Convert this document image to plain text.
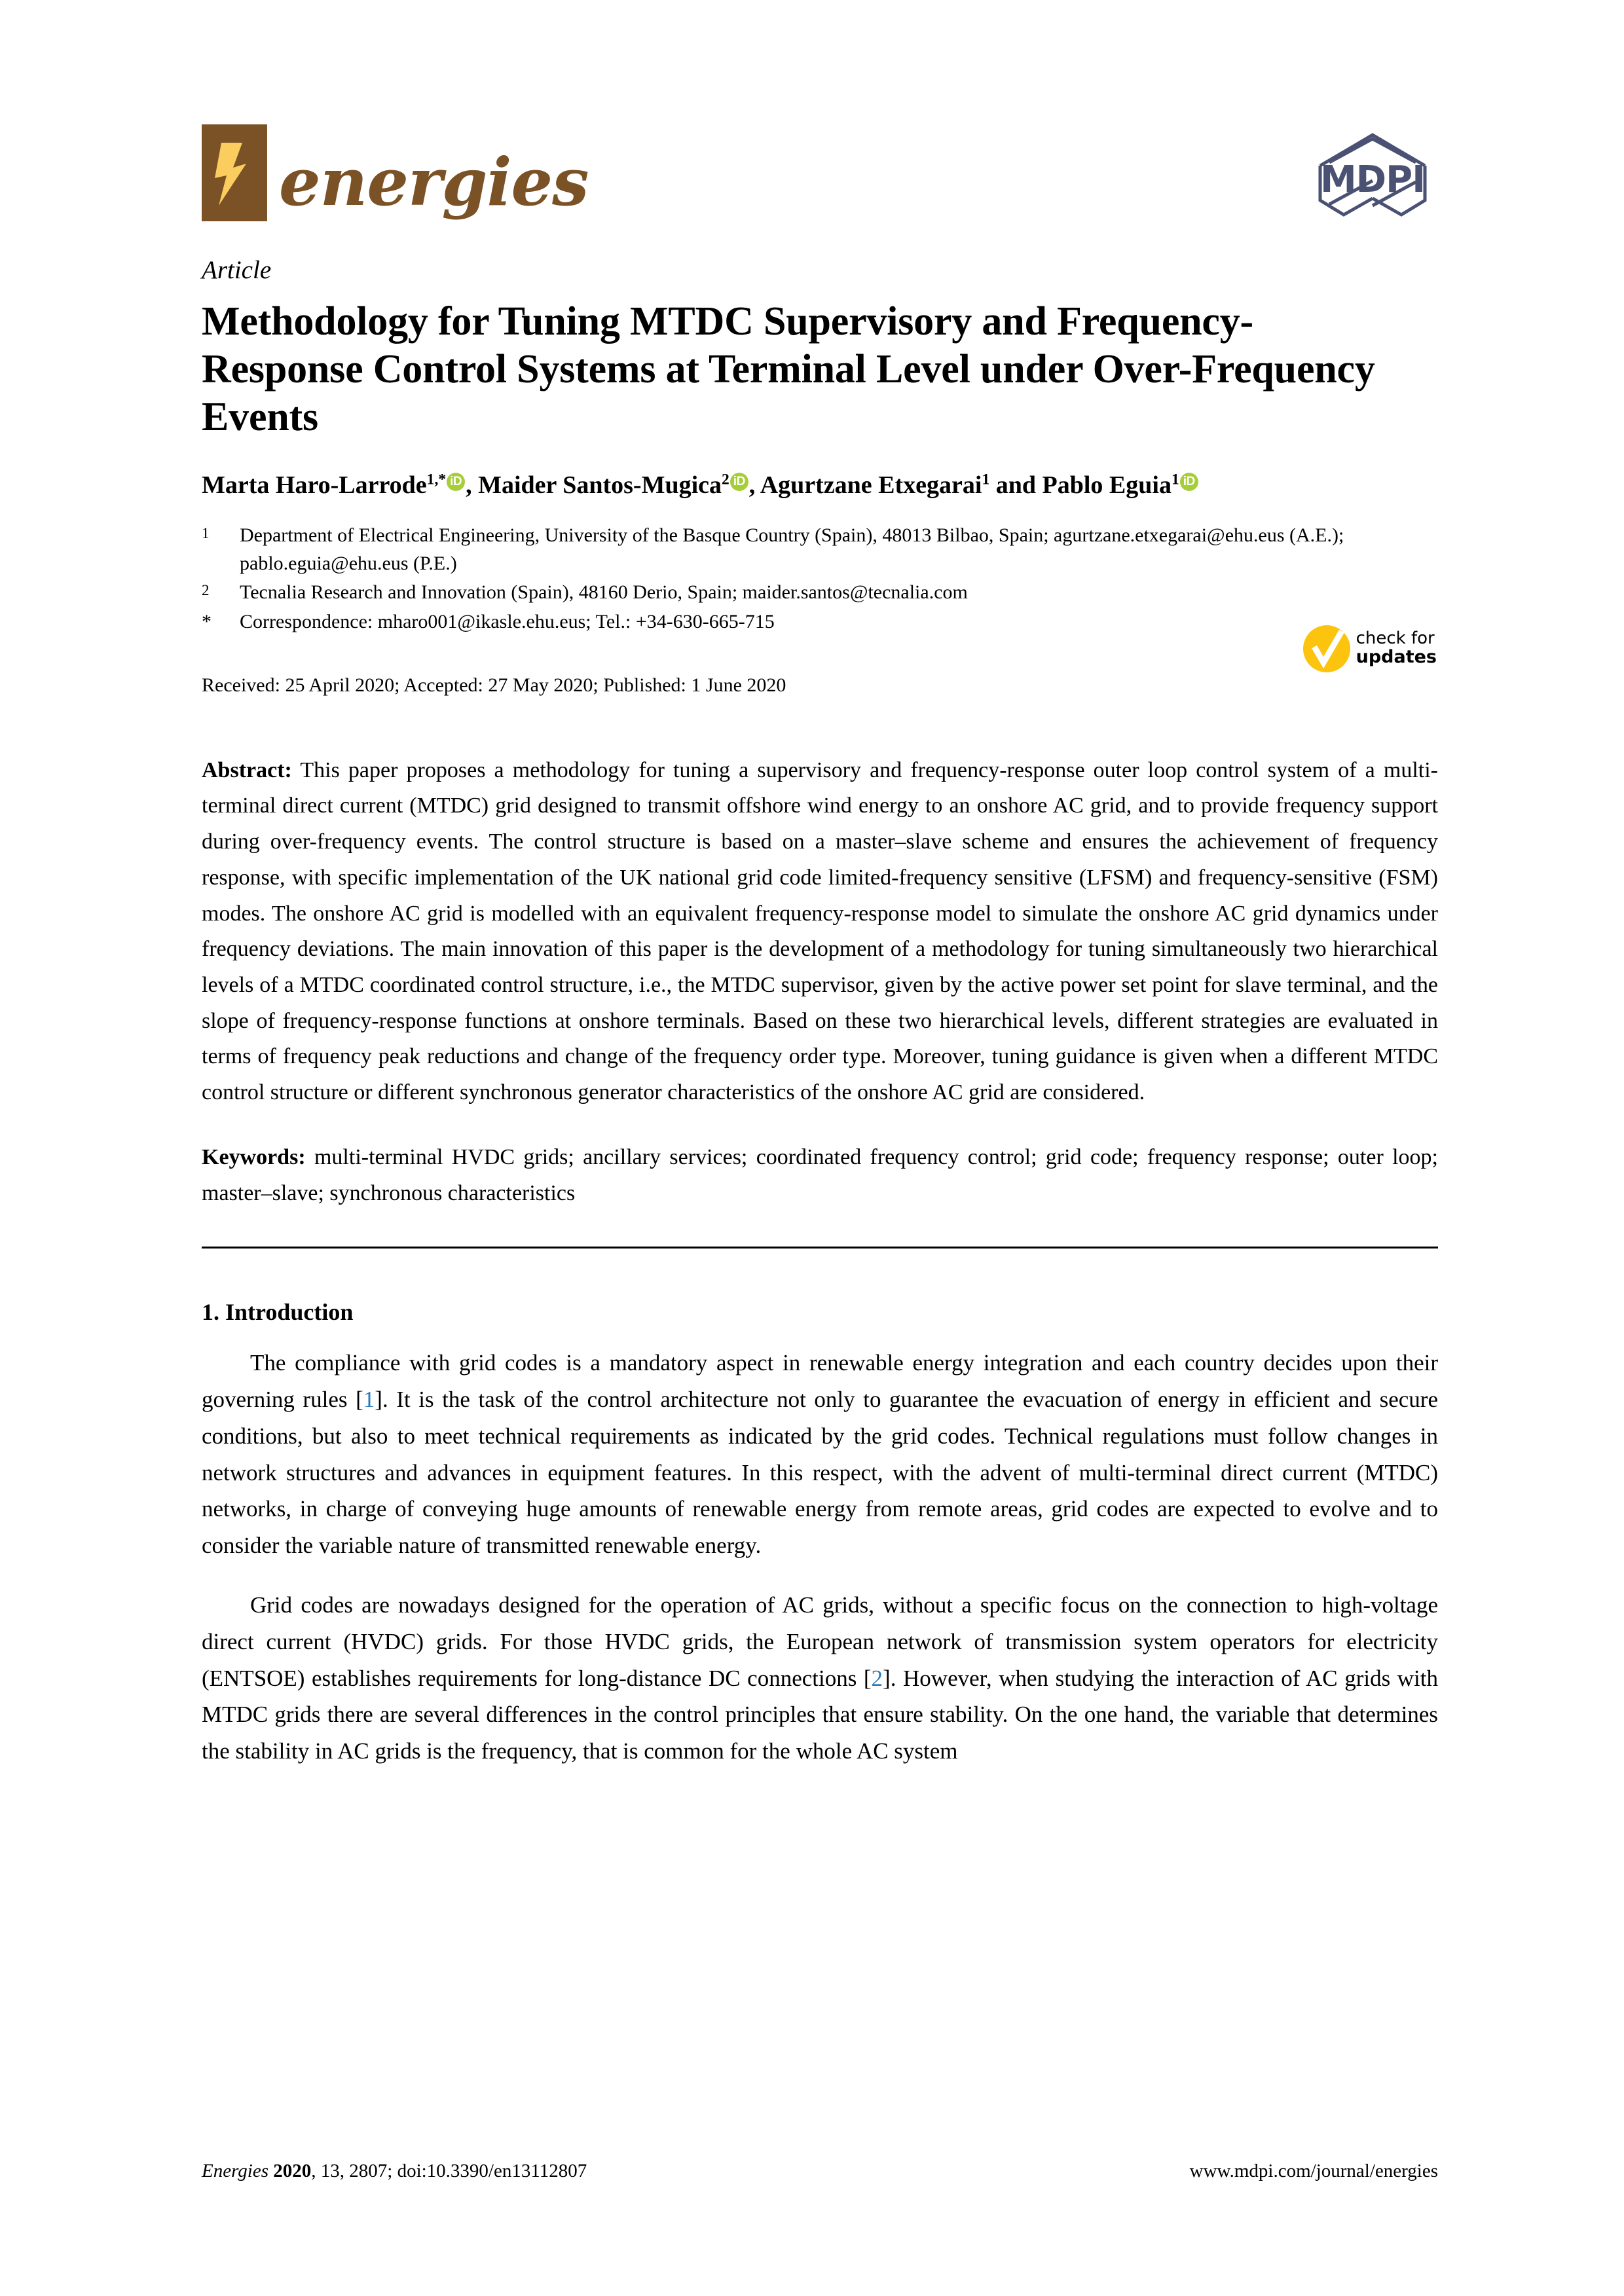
energies	MDPI
Article
Methodology for Tuning MTDC Supervisory and Frequency-Response Control Systems at Terminal Level under Over-Frequency Events
Marta Haro-Larrode$^{1,*}$ iD , Maider Santos-Mugica$^2$ iD , Agurtzane Etxegarai$^1$ and Pablo Eguia$^1$ iD
1	Department of Electrical Engineering, University of the Basque Country (Spain), 48013 Bilbao, Spain; agurtzane.etxegarai@ehu.eus (A.E.); pablo.eguia@ehu.eus (P.E.)
2	Tecnalia Research and Innovation (Spain), 48160 Derio, Spain; maider.santos@tecnalia.com
*	Correspondence: mharo001@ikasle.ehu.eus; Tel.: +34-630-665-715
check for
updates
Received: 25 April 2020; Accepted: 27 May 2020; Published: 1 June 2020
Abstract: This paper proposes a methodology for tuning a supervisory and frequency-response outer loop control system of a multi-terminal direct current (MTDC) grid designed to transmit offshore wind energy to an onshore AC grid, and to provide frequency support during over-frequency events. The control structure is based on a master–slave scheme and ensures the achievement of frequency response, with specific implementation of the UK national grid code limited-frequency sensitive (LFSM) and frequency-sensitive (FSM) modes. The onshore AC grid is modelled with an equivalent frequency-response model to simulate the onshore AC grid dynamics under frequency deviations. The main innovation of this paper is the development of a methodology for tuning simultaneously two hierarchical levels of a MTDC coordinated control structure, i.e., the MTDC supervisor, given by the active power set point for slave terminal, and the slope of frequency-response functions at onshore terminals. Based on these two hierarchical levels, different strategies are evaluated in terms of frequency peak reductions and change of the frequency order type. Moreover, tuning guidance is given when a different MTDC control structure or different synchronous generator characteristics of the onshore AC grid are considered.
Keywords: multi-terminal HVDC grids; ancillary services; coordinated frequency control; grid code; frequency response; outer loop; master–slave; synchronous characteristics
1. Introduction

The compliance with grid codes is a mandatory aspect in renewable energy integration and each country decides upon their governing rules [1]. It is the task of the control architecture not only to guarantee the evacuation of energy in efficient and secure conditions, but also to meet technical requirements as indicated by the grid codes. Technical regulations must follow changes in network structures and advances in equipment features. In this respect, with the advent of multi-terminal direct current (MTDC) networks, in charge of conveying huge amounts of renewable energy from remote areas, grid codes are expected to evolve and to consider the variable nature of transmitted renewable energy.

Grid codes are nowadays designed for the operation of AC grids, without a specific focus on the connection to high-voltage direct current (HVDC) grids. For those HVDC grids, the European network of transmission system operators for electricity (ENTSOE) establishes requirements for long-distance DC connections [2]. However, when studying the interaction of AC grids with MTDC grids there are several differences in the control principles that ensure stability. On the one hand, the variable that determines the stability in AC grids is the frequency, that is common for the whole AC system

Energies 2020, 13, 2807; doi:10.3390/en13112807	www.mdpi.com/journal/energies
